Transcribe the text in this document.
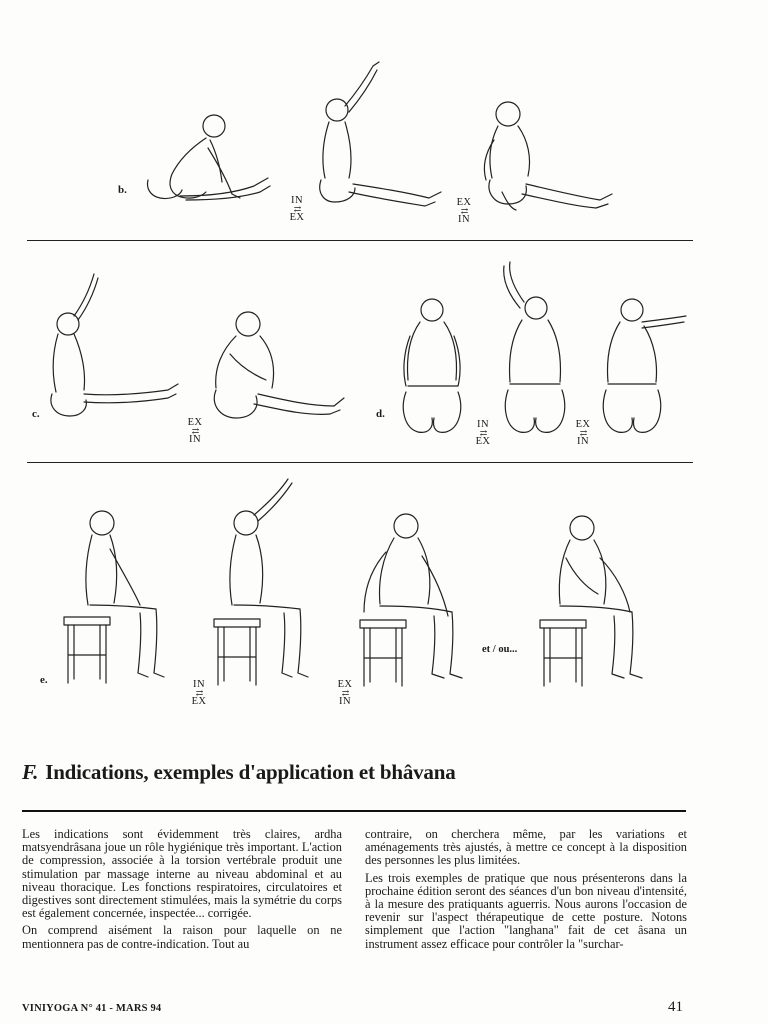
b.
IN
⇄
EX
EX
⇄
IN
c.
EX
⇄
IN
d.
IN
⇄
EX
EX
⇄
IN
e.	IN
⇄
EX
EX
⇄
IN
et / ou...
F. Indications, exemples d'application et bhâvana

Les indications sont évidemment très claires, ardha matsyendrâsana joue un rôle hygiénique très important. L'action de compression, associée à la torsion vertébrale produit une stimulation par massage interne au niveau abdominal et au niveau thoracique. Les fonctions respiratoires, circulatoires et digestives sont directement stimulées, mais la symétrie du corps est également concernée, inspectée... corrigée.

On comprend aisément la raison pour laquelle on ne mentionnera pas de contre-indication. Tout au

contraire, on cherchera même, par les variations et aménagements très ajustés, à mettre ce concept à la disposition des personnes les plus limitées.

Les trois exemples de pratique que nous présenterons dans la prochaine édition seront des séances d'un bon niveau d'intensité, à la mesure des pratiquants aguerris. Nous aurons l'occasion de revenir sur l'aspect thérapeutique de cette posture. Notons simplement que l'action "langhana" fait de cet âsana un instrument assez efficace pour contrôler la "surchar-

VINIYOGA N° 41 - MARS 94	41
